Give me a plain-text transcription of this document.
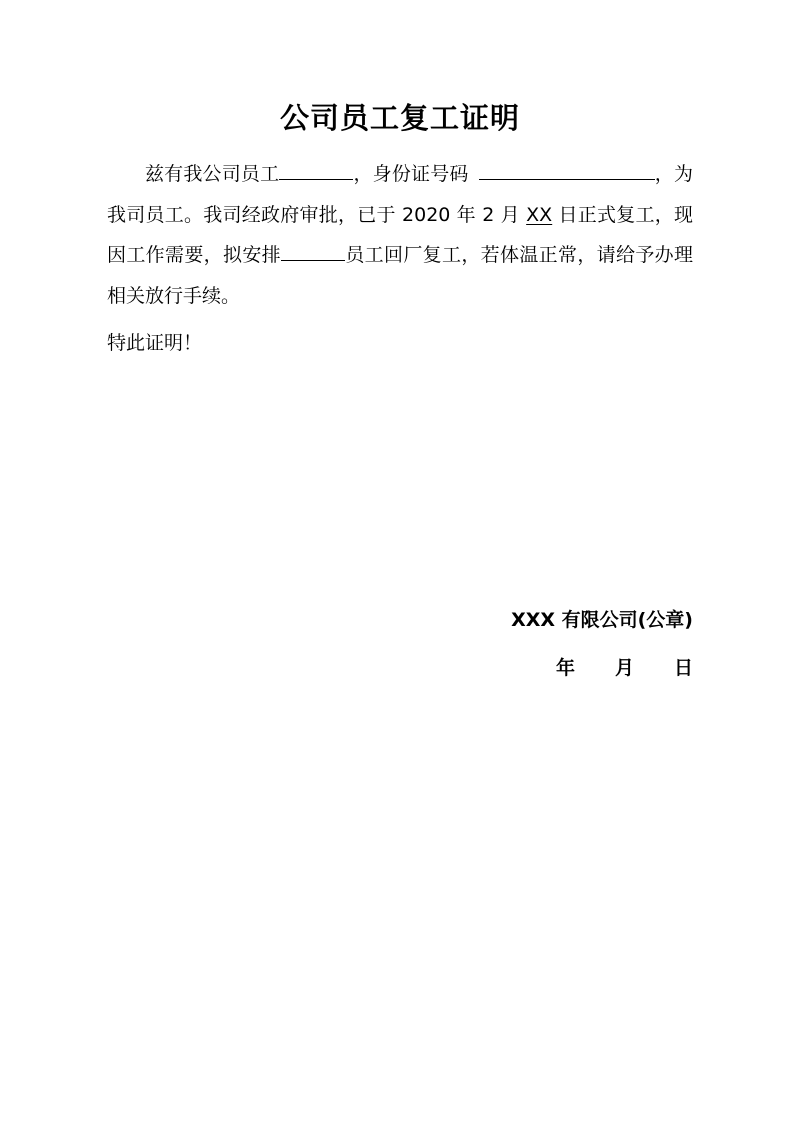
公司员工复工证明

兹有我公司员工	，身份证号码	，为我司员工。我司经政府审批，已于 2020 年 2 月 XX 日正式复工，现因工作需要，拟安排	员工回厂复工，若体温正常，请给予办理相关放行手续。

特此证明！

XXX 有限公司(公章)
年 月 日
